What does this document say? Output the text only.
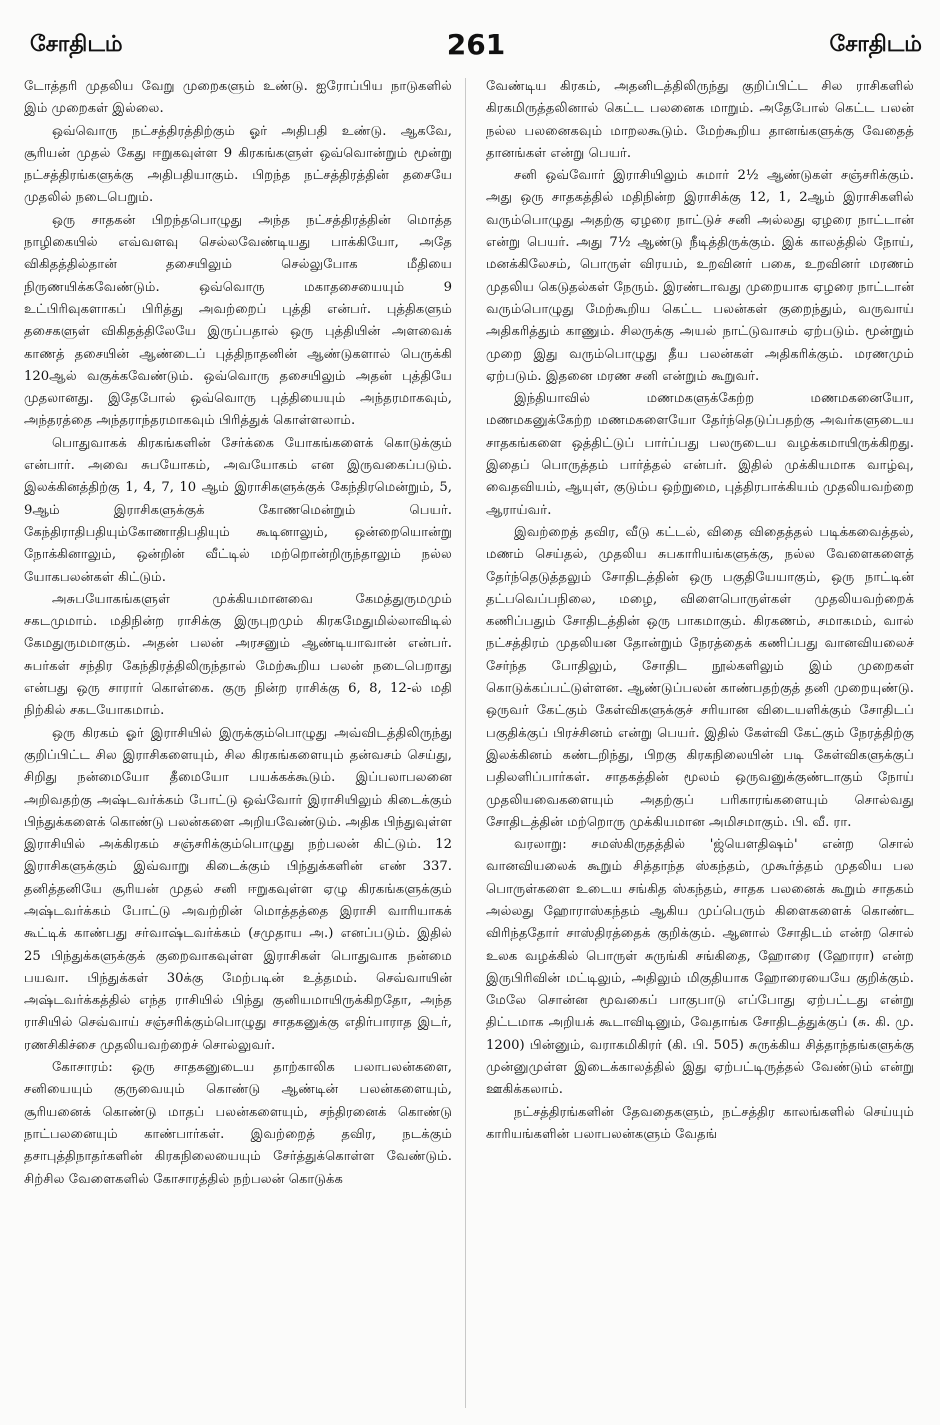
சோதிடம்	261	சோதிடம்

டோத்தரி முதலிய வேறு முறைகளும் உண்டு. ஐரோப்பிய நாடுகளில் இம் முறைகள் இல்லை.

ஒவ்வொரு நட்சத்திரத்திற்கும் ஓர் அதிபதி உண்டு. ஆகவே, சூரியன் முதல் கேது ஈறுகவுள்ள 9 கிரகங்களுள் ஒவ்வொன்றும் மூன்று நட்சத்திரங்களுக்கு அதிபதியாகும். பிறந்த நட்சத்திரத்தின் தசையே முதலில் நடைபெறும்.

ஒரு சாதகன் பிறந்தபொழுது அந்த நட்சத்திரத்தின் மொத்த நாழிகையில் எவ்வளவு செல்லவேண்டியது பாக்கியோ, அதே விகிதத்தில்தான் தசையிலும் செல்லுபோக மீதியை நிருணயிக்கவேண்டும். ஒவ்வொரு மகாதசையையும் 9 உட்பிரிவுகளாகப் பிரித்து அவற்றைப் புத்தி என்பர். புத்திகளும் தசைகளுள் விகிதத்திலேயே இருப்பதால் ஒரு புத்தியின் அளவைக் காணத் தசையின் ஆண்டைப் புத்திநாதனின் ஆண்டுகளால் பெருக்கி 120ஆல் வகுக்கவேண்டும். ஒவ்வொரு தசையிலும் அதன் புத்தியே முதலானது. இதேபோல் ஒவ்வொரு புத்தியையும் அந்தரமாகவும், அந்தரத்தை அந்தராந்தரமாகவும் பிரித்துக் கொள்ளலாம்.

பொதுவாகக் கிரகங்களின் சேர்க்கை யோகங்களைக் கொடுக்கும் என்பார். அவை சுபயோகம், அவயோகம் என இருவகைப்படும். இலக்கினத்திற்கு 1, 4, 7, 10 ஆம் இராசிகளுக்குக் கேந்திரமென்றும், 5, 9ஆம் இராசிகளுக்குக் கோணமென்றும் பெயர். கேந்திராதிபதியும்கோணாதிபதியும் கூடினாலும், ஒன்றையொன்று நோக்கினாலும், ஒன்றின் வீட்டில் மற்றொன்றிருந்தாலும் நல்ல யோகபலன்கள் கிட்டும்.

அசுபயோகங்களுள் முக்கியமானவை கேமத்துருமமும் சகடமுமாம். மதிநின்ற ராசிக்கு இருபுறமும் கிரகமேதுமில்லாவிடில் கேமதுருமமாகும். அதன் பலன் அரசனும் ஆண்டியாவான் என்பர். சுபர்கள் சந்திர கேந்திரத்திலிருந்தால் மேற்கூறிய பலன் நடைபெறாது என்பது ஒரு சாரார் கொள்கை. குரு நின்ற ராசிக்கு 6, 8, 12-ல் மதி நிற்கில் சகடயோகமாம்.

ஒரு கிரகம் ஓர் இராசியில் இருக்கும்பொழுது அவ்விடத்திலிருந்து குறிப்பிட்ட சில இராசிகளையும், சில கிரகங்களையும் தன்வசம் செய்து, சிறிது நன்மையோ தீமையோ பயக்கக்கூடும். இப்பலாபலனை அறிவதற்கு அஷ்டவர்க்கம் போட்டு ஒவ்வோர் இராசியிலும் கிடைக்கும் பிந்துக்களைக் கொண்டு பலன்களை அறியவேண்டும். அதிக பிந்துவுள்ள இராசியில் அக்கிரகம் சஞ்சரிக்கும்பொழுது நற்பலன் கிட்டும். 12 இராசிகளுக்கும் இவ்வாறு கிடைக்கும் பிந்துக்களின் எண் 337. தனித்தனியே சூரியன் முதல் சனி ஈறுகவுள்ள ஏழு கிரகங்களுக்கும் அஷ்டவர்க்கம் போட்டு அவற்றின் மொத்தத்தை இராசி வாரியாகக் கூட்டிக் காண்பது சர்வாஷ்டவர்க்கம் (சமுதாய அ.) எனப்படும். இதில் 25 பிந்துக்களுக்குக் குறைவாகவுள்ள இராசிகள் பொதுவாக நன்மை பயவா. பிந்துக்கள் 30க்கு மேற்படின் உத்தமம். செவ்வாயின் அஷ்டவர்க்கத்தில் எந்த ராசியில் பிந்து குனியமாயிருக்கிறதோ, அந்த ராசியில் செவ்வாய் சஞ்சரிக்கும்பொழுது சாதகனுக்கு எதிர்பாராத இடர், ரணசிகிச்சை முதலியவற்றைச் சொல்லுவர்.

கோசாரம்: ஒரு சாதகனுடைய தாற்காலிக பலாபலன்களை, சனியையும் குருவையும் கொண்டு ஆண்டின் பலன்களையும், சூரியனைக் கொண்டு மாதப் பலன்களையும், சந்திரனைக் கொண்டு நாட்பலனையும் காண்பார்கள். இவற்றைத் தவிர, நடக்கும் தசாபுத்திநாதர்களின் கிரகநிலையையும் சேர்த்துக்கொள்ள வேண்டும். சிற்சில வேளைகளில் கோசாரத்தில் நற்பலன் கொடுக்க

வேண்டிய கிரகம், அதனிடத்திலிருந்து குறிப்பிட்ட சில ராசிகளில் கிரகமிருத்தலினால் கெட்ட பலனைக மாறும். அதேபோல் கெட்ட பலன் நல்ல பலனைகவும் மாறலகூடும். மேற்கூறிய தானங்களுக்கு வேதைத் தானங்கள் என்று பெயர்.

சனி ஒவ்வோர் இராசியிலும் சுமார் 2½ ஆண்டுகள் சஞ்சரிக்கும். அது ஒரு சாதகத்தில் மதிநின்ற இராசிக்கு 12, 1, 2ஆம் இராசிகளில் வரும்பொழுது அதற்கு ஏழரை நாட்டுச் சனி அல்லது ஏழரை நாட்டான் என்று பெயர். அது 7½ ஆண்டு நீடித்திருக்கும். இக் காலத்தில் நோய், மனக்கிலேசம், பொருள் விரயம், உறவினர் பகை, உறவினர் மரணம் முதலிய கெடுதல்கள் நேரும். இரண்டாவது முறையாக ஏழரை நாட்டான் வரும்பொழுது மேற்கூறிய கெட்ட பலன்கள் குறைந்தும், வருவாய் அதிகரித்தும் காணும். சிலருக்கு அயல் நாட்டுவாசம் ஏற்படும். மூன்றும் முறை இது வரும்பொழுது தீய பலன்கள் அதிகரிக்கும். மரணமும் ஏற்படும். இதனை மரண சனி என்றும் கூறுவர்.

இந்தியாவில் மணமகளுக்கேற்ற மணமகனையோ, மணமகனுக்கேற்ற மணமகளையோ தேர்ந்தெடுப்பதற்கு அவர்களுடைய சாதகங்களை ஒத்திட்டுப் பார்ப்பது பலருடைய வழக்கமாயிருக்கிறது. இதைப் பொருத்தம் பார்த்தல் என்பர். இதில் முக்கியமாக வாழ்வு, வைதவியம், ஆயுள், குடும்ப ஒற்றுமை, புத்திரபாக்கியம் முதலியவற்றை ஆராய்வர்.

இவற்றைத் தவிர, வீடு கட்டல், விதை விதைத்தல் படிக்கவைத்தல், மணம் செய்தல், முதலிய சுபகாரியங்களுக்கு, நல்ல வேளைகளைத் தேர்ந்தெடுத்தலும் சோதிடத்தின் ஒரு பகுதியேயாகும், ஒரு நாட்டின் தட்பவெப்பநிலை, மழை, விளைபொருள்கள் முதலியவற்றைக் கணிப்பதும் சோதிடத்தின் ஒரு பாகமாகும். கிரகணம், சமாகமம், வால் நட்சத்திரம் முதலியன தோன்றும் நேரத்தைக் கணிப்பது வானவியலைச் சேர்ந்த போதிலும், சோதிட நூல்களிலும் இம் முறைகள் கொடுக்கப்பட்டுள்ளன. ஆண்டுப்பலன் காண்பதற்குத் தனி முறையுண்டு. ஒருவர் கேட்கும் கேள்விகளுக்குச் சரியான விடையளிக்கும் சோதிடப் பகுதிக்குப் பிரச்சினம் என்று பெயர். இதில் கேள்வி கேட்கும் நேரத்திற்கு இலக்கினம் கண்டறிந்து, பிறகு கிரகநிலையின் படி கேள்விகளுக்குப் பதிலளிப்பார்கள். சாதகத்தின் மூலம் ஒருவனுக்குண்டாகும் நோய் முதலியவைகளையும் அதற்குப் பரிகாரங்களையும் சொல்வது சோதிடத்தின் மற்றொரு முக்கியமான அமிசமாகும். பி. வீ. ரா.

வரலாறு: சமஸ்கிருதத்தில் 'ஜ்யௌதிஷம்' என்ற சொல் வானவியலைக் கூறும் சித்தாந்த ஸ்கந்தம், முகூர்த்தம் முதலிய பல பொருள்களை உடைய சங்கித ஸ்கந்தம், சாதக பலனைக் கூறும் சாதகம் அல்லது ஹோராஸ்கந்தம் ஆகிய முப்பெரும் கிளைகளைக் கொண்ட விரிந்ததோர் சாஸ்திரத்தைக் குறிக்கும். ஆனால் சோதிடம் என்ற சொல் உலக வழக்கில் பொருள் சுருங்கி சங்கிதை, ஹோரை (ஹோரா) என்ற இருபிரிவின் மட்டிலும், அதிலும் மிகுதியாக ஹோரையையே குறிக்கும். மேலே சொன்ன மூவகைப் பாகுபாடு எப்போது ஏற்பட்டது என்று திட்டமாக அறியக் கூடாவிடினும், வேதாங்க சோதிடத்துக்குப் (சு. கி. மு. 1200) பின்னும், வராகமிகிரர் (கி. பி. 505) சுருக்கிய சித்தாந்தங்களுக்கு முன்னுமுள்ள இடைக்காலத்தில் இது ஏற்பட்டிருத்தல் வேண்டும் என்று ஊகிக்கலாம்.

நட்சத்திரங்களின் தேவதைகளும், நட்சத்திர காலங்களில் செய்யும் காரியங்களின் பலாபலன்களும் வேதங்
